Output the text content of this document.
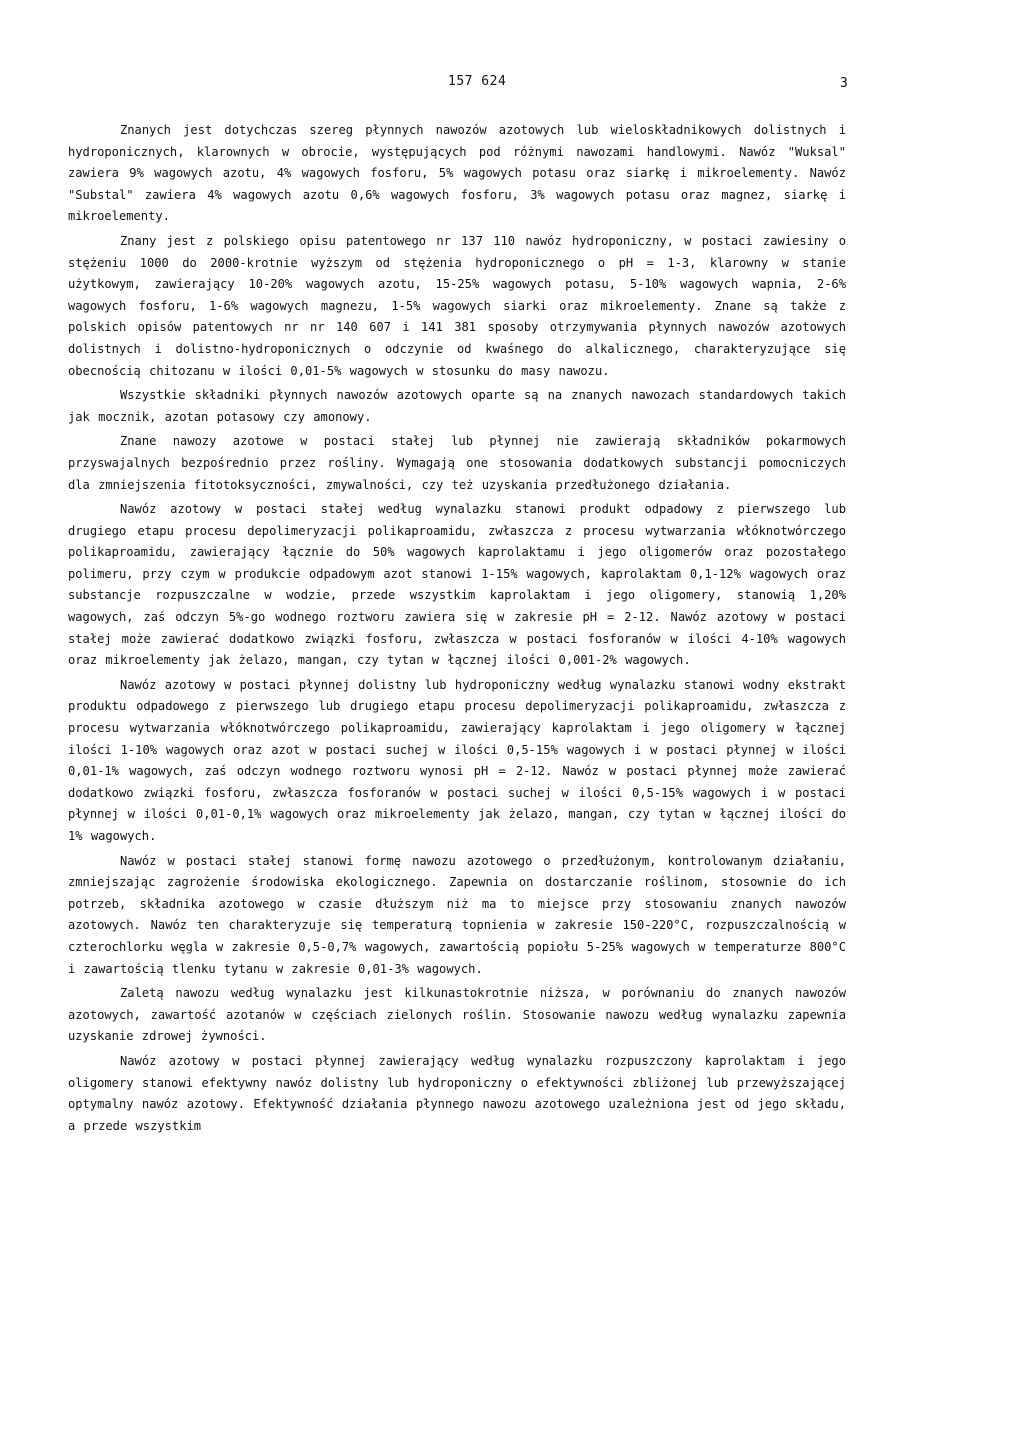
157 624	3

Znanych jest dotychczas szereg płynnych nawozów azotowych lub wieloskładnikowych dolistnych i hydroponicznych, klarownych w obrocie, występujących pod różnymi nawozami handlowymi. Nawóz "Wuksal" zawiera 9% wagowych azotu, 4% wagowych fosforu, 5% wagowych potasu oraz siarkę i mikroelementy. Nawóz "Substal" zawiera 4% wagowych azotu 0,6% wagowych fosforu, 3% wagowych potasu oraz magnez, siarkę i mikroelementy.

Znany jest z polskiego opisu patentowego nr 137 110 nawóz hydroponiczny, w postaci zawiesiny o stężeniu 1000 do 2000-krotnie wyższym od stężenia hydroponicznego o pH = 1-3, klarowny w stanie użytkowym, zawierający 10-20% wagowych azotu, 15-25% wagowych potasu, 5-10% wagowych wapnia, 2-6% wagowych fosforu, 1-6% wagowych magnezu, 1-5% wagowych siarki oraz mikroelementy. Znane są także z polskich opisów patentowych nr nr 140 607 i 141 381 sposoby otrzymywania płynnych nawozów azotowych dolistnych i dolistno-hydroponicznych o odczynie od kwaśnego do alkalicznego, charakteryzujące się obecnością chitozanu w ilości 0,01-5% wagowych w stosunku do masy nawozu.

Wszystkie składniki płynnych nawozów azotowych oparte są na znanych nawozach standardowych takich jak mocznik, azotan potasowy czy amonowy.

Znane nawozy azotowe w postaci stałej lub płynnej nie zawierają składników pokarmowych przyswajalnych bezpośrednio przez rośliny. Wymagają one stosowania dodatkowych substancji pomocniczych dla zmniejszenia fitotoksyczności, zmywalności, czy też uzyskania przedłużonego działania.

Nawóz azotowy w postaci stałej według wynalazku stanowi produkt odpadowy z pierwszego lub drugiego etapu procesu depolimeryzacji polikaproamidu, zwłaszcza z procesu wytwarzania włóknotwórczego polikaproamidu, zawierający łącznie do 50% wagowych kaprolaktamu i jego oligomerów oraz pozostałego polimeru, przy czym w produkcie odpadowym azot stanowi 1-15% wagowych, kaprolaktam 0,1-12% wagowych oraz substancje rozpuszczalne w wodzie, przede wszystkim kaprolaktam i jego oligomery, stanowią 1,20% wagowych, zaś odczyn 5%-go wodnego roztworu zawiera się w zakresie pH = 2-12. Nawóz azotowy w postaci stałej może zawierać dodatkowo związki fosforu, zwłaszcza w postaci fosforanów w ilości 4-10% wagowych oraz mikroelementy jak żelazo, mangan, czy tytan w łącznej ilości 0,001-2% wagowych.

Nawóz azotowy w postaci płynnej dolistny lub hydroponiczny według wynalazku stanowi wodny ekstrakt produktu odpadowego z pierwszego lub drugiego etapu procesu depolimeryzacji polikaproamidu, zwłaszcza z procesu wytwarzania włóknotwórczego polikaproamidu, zawierający kaprolaktam i jego oligomery w łącznej ilości 1-10% wagowych oraz azot w postaci suchej w ilości 0,5-15% wagowych i w postaci płynnej w ilości 0,01-1% wagowych, zaś odczyn wodnego roztworu wynosi pH = 2-12. Nawóz w postaci płynnej może zawierać dodatkowo związki fosforu, zwłaszcza fosforanów w postaci suchej w ilości 0,5-15% wagowych i w postaci płynnej w ilości 0,01-0,1% wagowych oraz mikroelementy jak żelazo, mangan, czy tytan w łącznej ilości do 1% wagowych.

Nawóz w postaci stałej stanowi formę nawozu azotowego o przedłużonym, kontrolowanym działaniu, zmniejszając zagrożenie środowiska ekologicznego. Zapewnia on dostarczanie roślinom, stosownie do ich potrzeb, składnika azotowego w czasie dłuższym niż ma to miejsce przy stosowaniu znanych nawozów azotowych. Nawóz ten charakteryzuje się temperaturą topnienia w zakresie 150-220°C, rozpuszczalnością w czterochlorku węgla w zakresie 0,5-0,7% wagowych, zawartością popiołu 5-25% wagowych w temperaturze 800°C i zawartością tlenku tytanu w zakresie 0,01-3% wagowych.

Zaletą nawozu według wynalazku jest kilkunastokrotnie niższa, w porównaniu do znanych nawozów azotowych, zawartość azotanów w częściach zielonych roślin. Stosowanie nawozu według wynalazku zapewnia uzyskanie zdrowej żywności.

Nawóz azotowy w postaci płynnej zawierający według wynalazku rozpuszczony kaprolaktam i jego oligomery stanowi efektywny nawóz dolistny lub hydroponiczny o efektywności zbliżonej lub przewyższającej optymalny nawóz azotowy. Efektywność działania płynnego nawozu azotowego uzależniona jest od jego składu, a przede wszystkim
